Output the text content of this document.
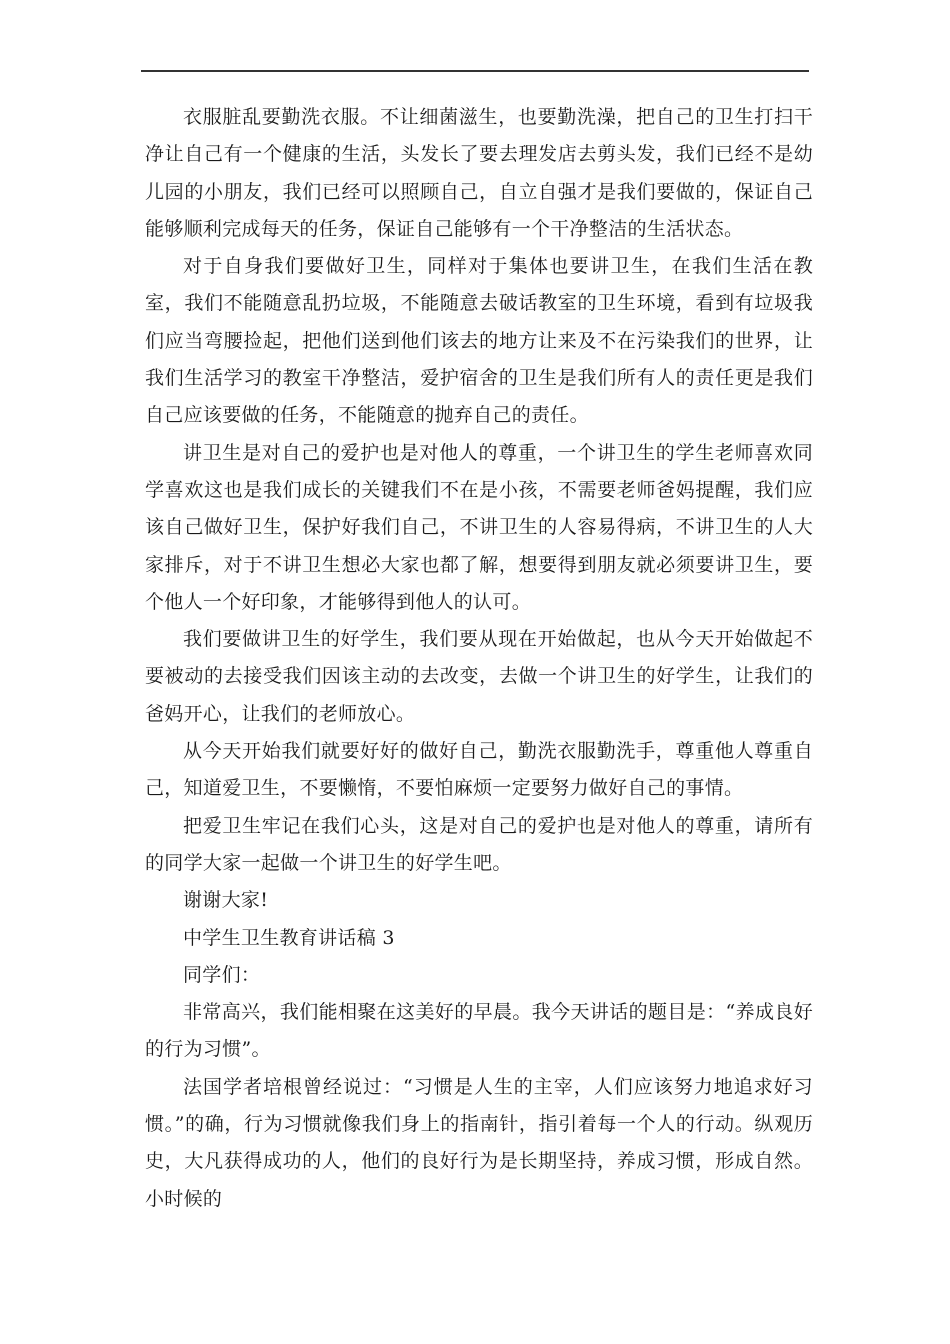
衣服脏乱要勤洗衣服。不让细菌滋生，也要勤洗澡，把自己的卫生打扫干净让自己有一个健康的生活，头发长了要去理发店去剪头发，我们已经不是幼儿园的小朋友，我们已经可以照顾自己，自立自强才是我们要做的，保证自己能够顺利完成每天的任务，保证自己能够有一个干净整洁的生活状态。

对于自身我们要做好卫生，同样对于集体也要讲卫生，在我们生活在教室，我们不能随意乱扔垃圾，不能随意去破话教室的卫生环境，看到有垃圾我们应当弯腰捡起，把他们送到他们该去的地方让来及不在污染我们的世界，让我们生活学习的教室干净整洁，爱护宿舍的卫生是我们所有人的责任更是我们自己应该要做的任务，不能随意的抛弃自己的责任。

讲卫生是对自己的爱护也是对他人的尊重，一个讲卫生的学生老师喜欢同学喜欢这也是我们成长的关键我们不在是小孩，不需要老师爸妈提醒，我们应该自己做好卫生，保护好我们自己，不讲卫生的人容易得病，不讲卫生的人大家排斥，对于不讲卫生想必大家也都了解，想要得到朋友就必须要讲卫生，要个他人一个好印象，才能够得到他人的认可。

我们要做讲卫生的好学生，我们要从现在开始做起，也从今天开始做起不要被动的去接受我们因该主动的去改变，去做一个讲卫生的好学生，让我们的爸妈开心，让我们的老师放心。

从今天开始我们就要好好的做好自己，勤洗衣服勤洗手，尊重他人尊重自己，知道爱卫生，不要懒惰，不要怕麻烦一定要努力做好自己的事情。

把爱卫生牢记在我们心头，这是对自己的爱护也是对他人的尊重，请所有的同学大家一起做一个讲卫生的好学生吧。

谢谢大家!

中学生卫生教育讲话稿 3

同学们：

非常高兴，我们能相聚在这美好的早晨。我今天讲话的题目是：“养成良好的行为习惯”。

法国学者培根曾经说过：“习惯是人生的主宰，人们应该努力地追求好习惯。”的确，行为习惯就像我们身上的指南针，指引着每一个人的行动。纵观历史，大凡获得成功的人，他们的良好行为是长期坚持，养成习惯，形成自然。小时候的
